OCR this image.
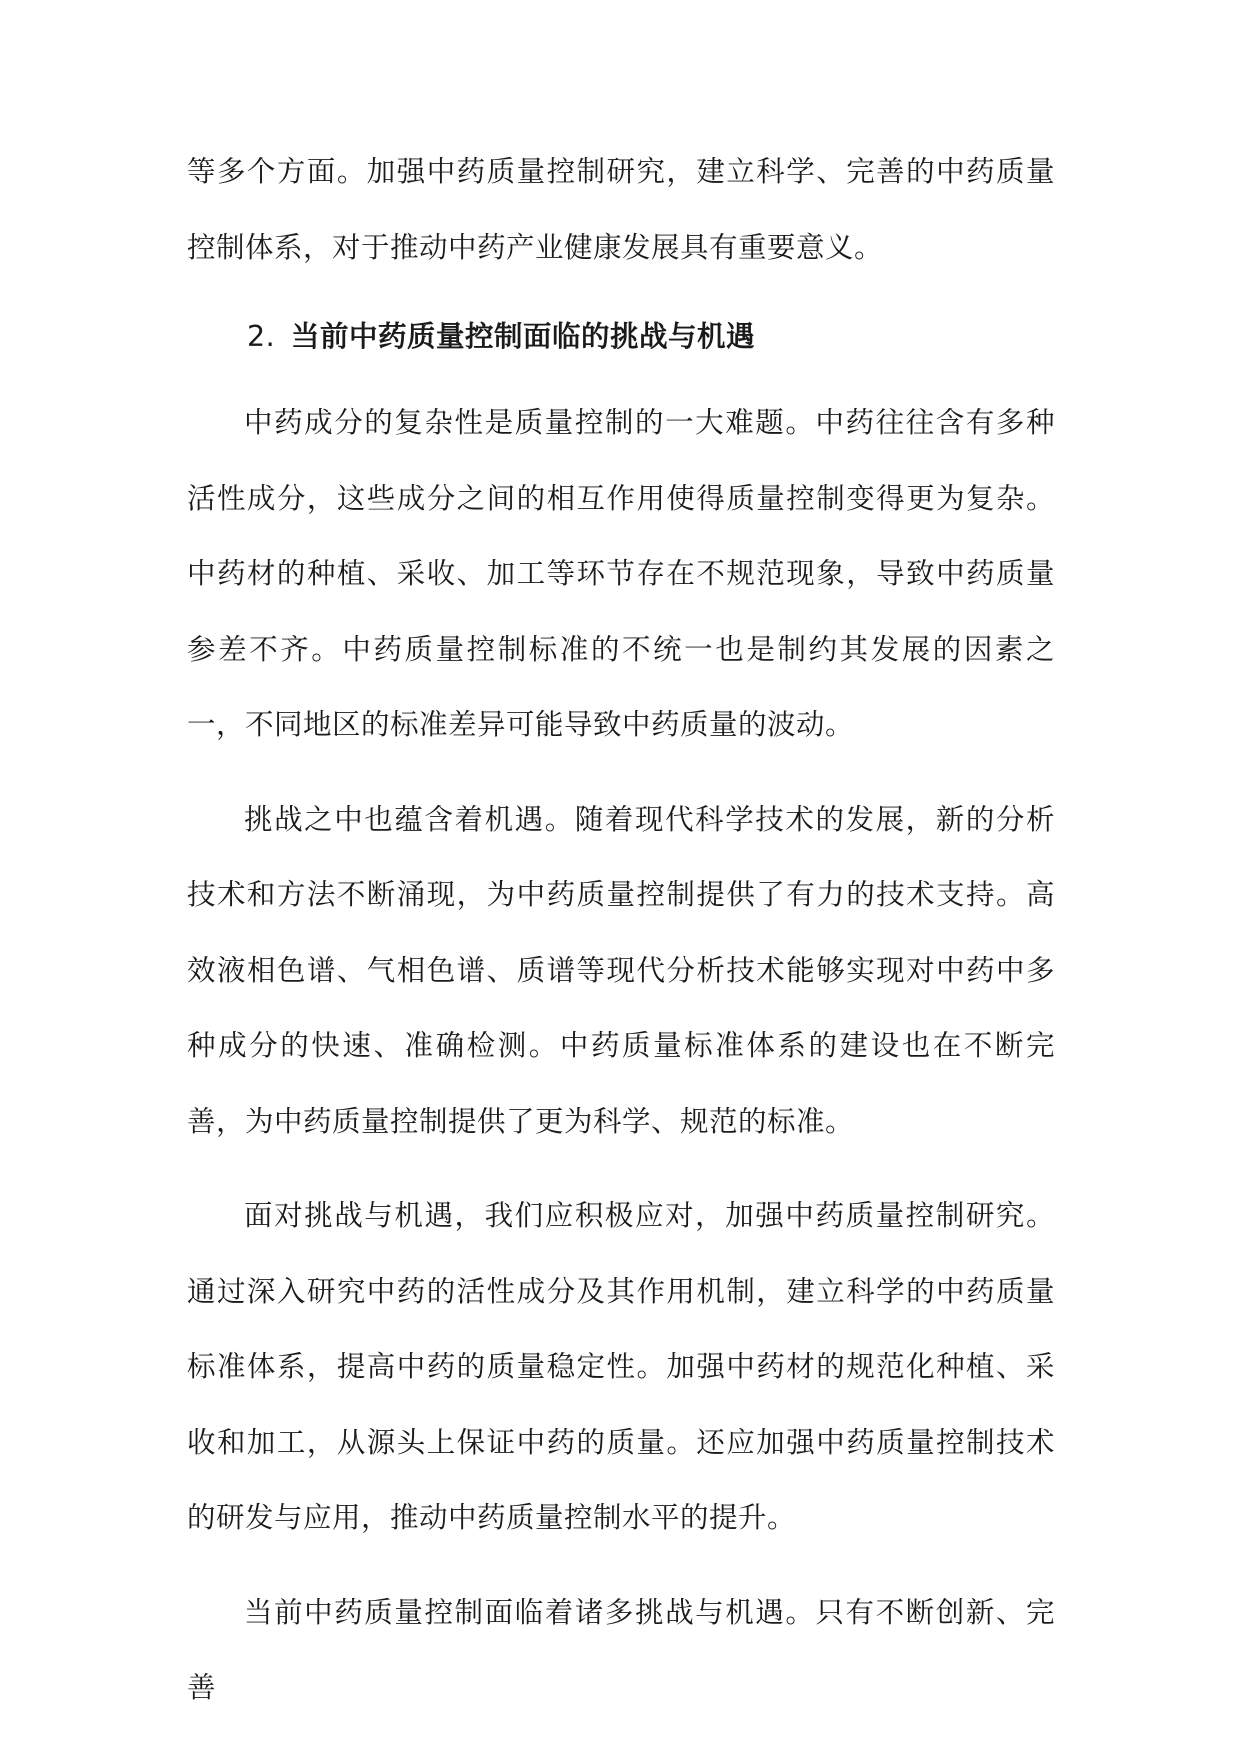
等多个方面。加强中药质量控制研究，建立科学、完善的中药质量控制体系，对于推动中药产业健康发展具有重要意义。

2. 当前中药质量控制面临的挑战与机遇

中药成分的复杂性是质量控制的一大难题。中药往往含有多种活性成分，这些成分之间的相互作用使得质量控制变得更为复杂。中药材的种植、采收、加工等环节存在不规范现象，导致中药质量参差不齐。中药质量控制标准的不统一也是制约其发展的因素之一，不同地区的标准差异可能导致中药质量的波动。

挑战之中也蕴含着机遇。随着现代科学技术的发展，新的分析技术和方法不断涌现，为中药质量控制提供了有力的技术支持。高效液相色谱、气相色谱、质谱等现代分析技术能够实现对中药中多种成分的快速、准确检测。中药质量标准体系的建设也在不断完善，为中药质量控制提供了更为科学、规范的标准。

面对挑战与机遇，我们应积极应对，加强中药质量控制研究。通过深入研究中药的活性成分及其作用机制，建立科学的中药质量标准体系，提高中药的质量稳定性。加强中药材的规范化种植、采收和加工，从源头上保证中药的质量。还应加强中药质量控制技术的研发与应用，推动中药质量控制水平的提升。

当前中药质量控制面临着诸多挑战与机遇。只有不断创新、完善
